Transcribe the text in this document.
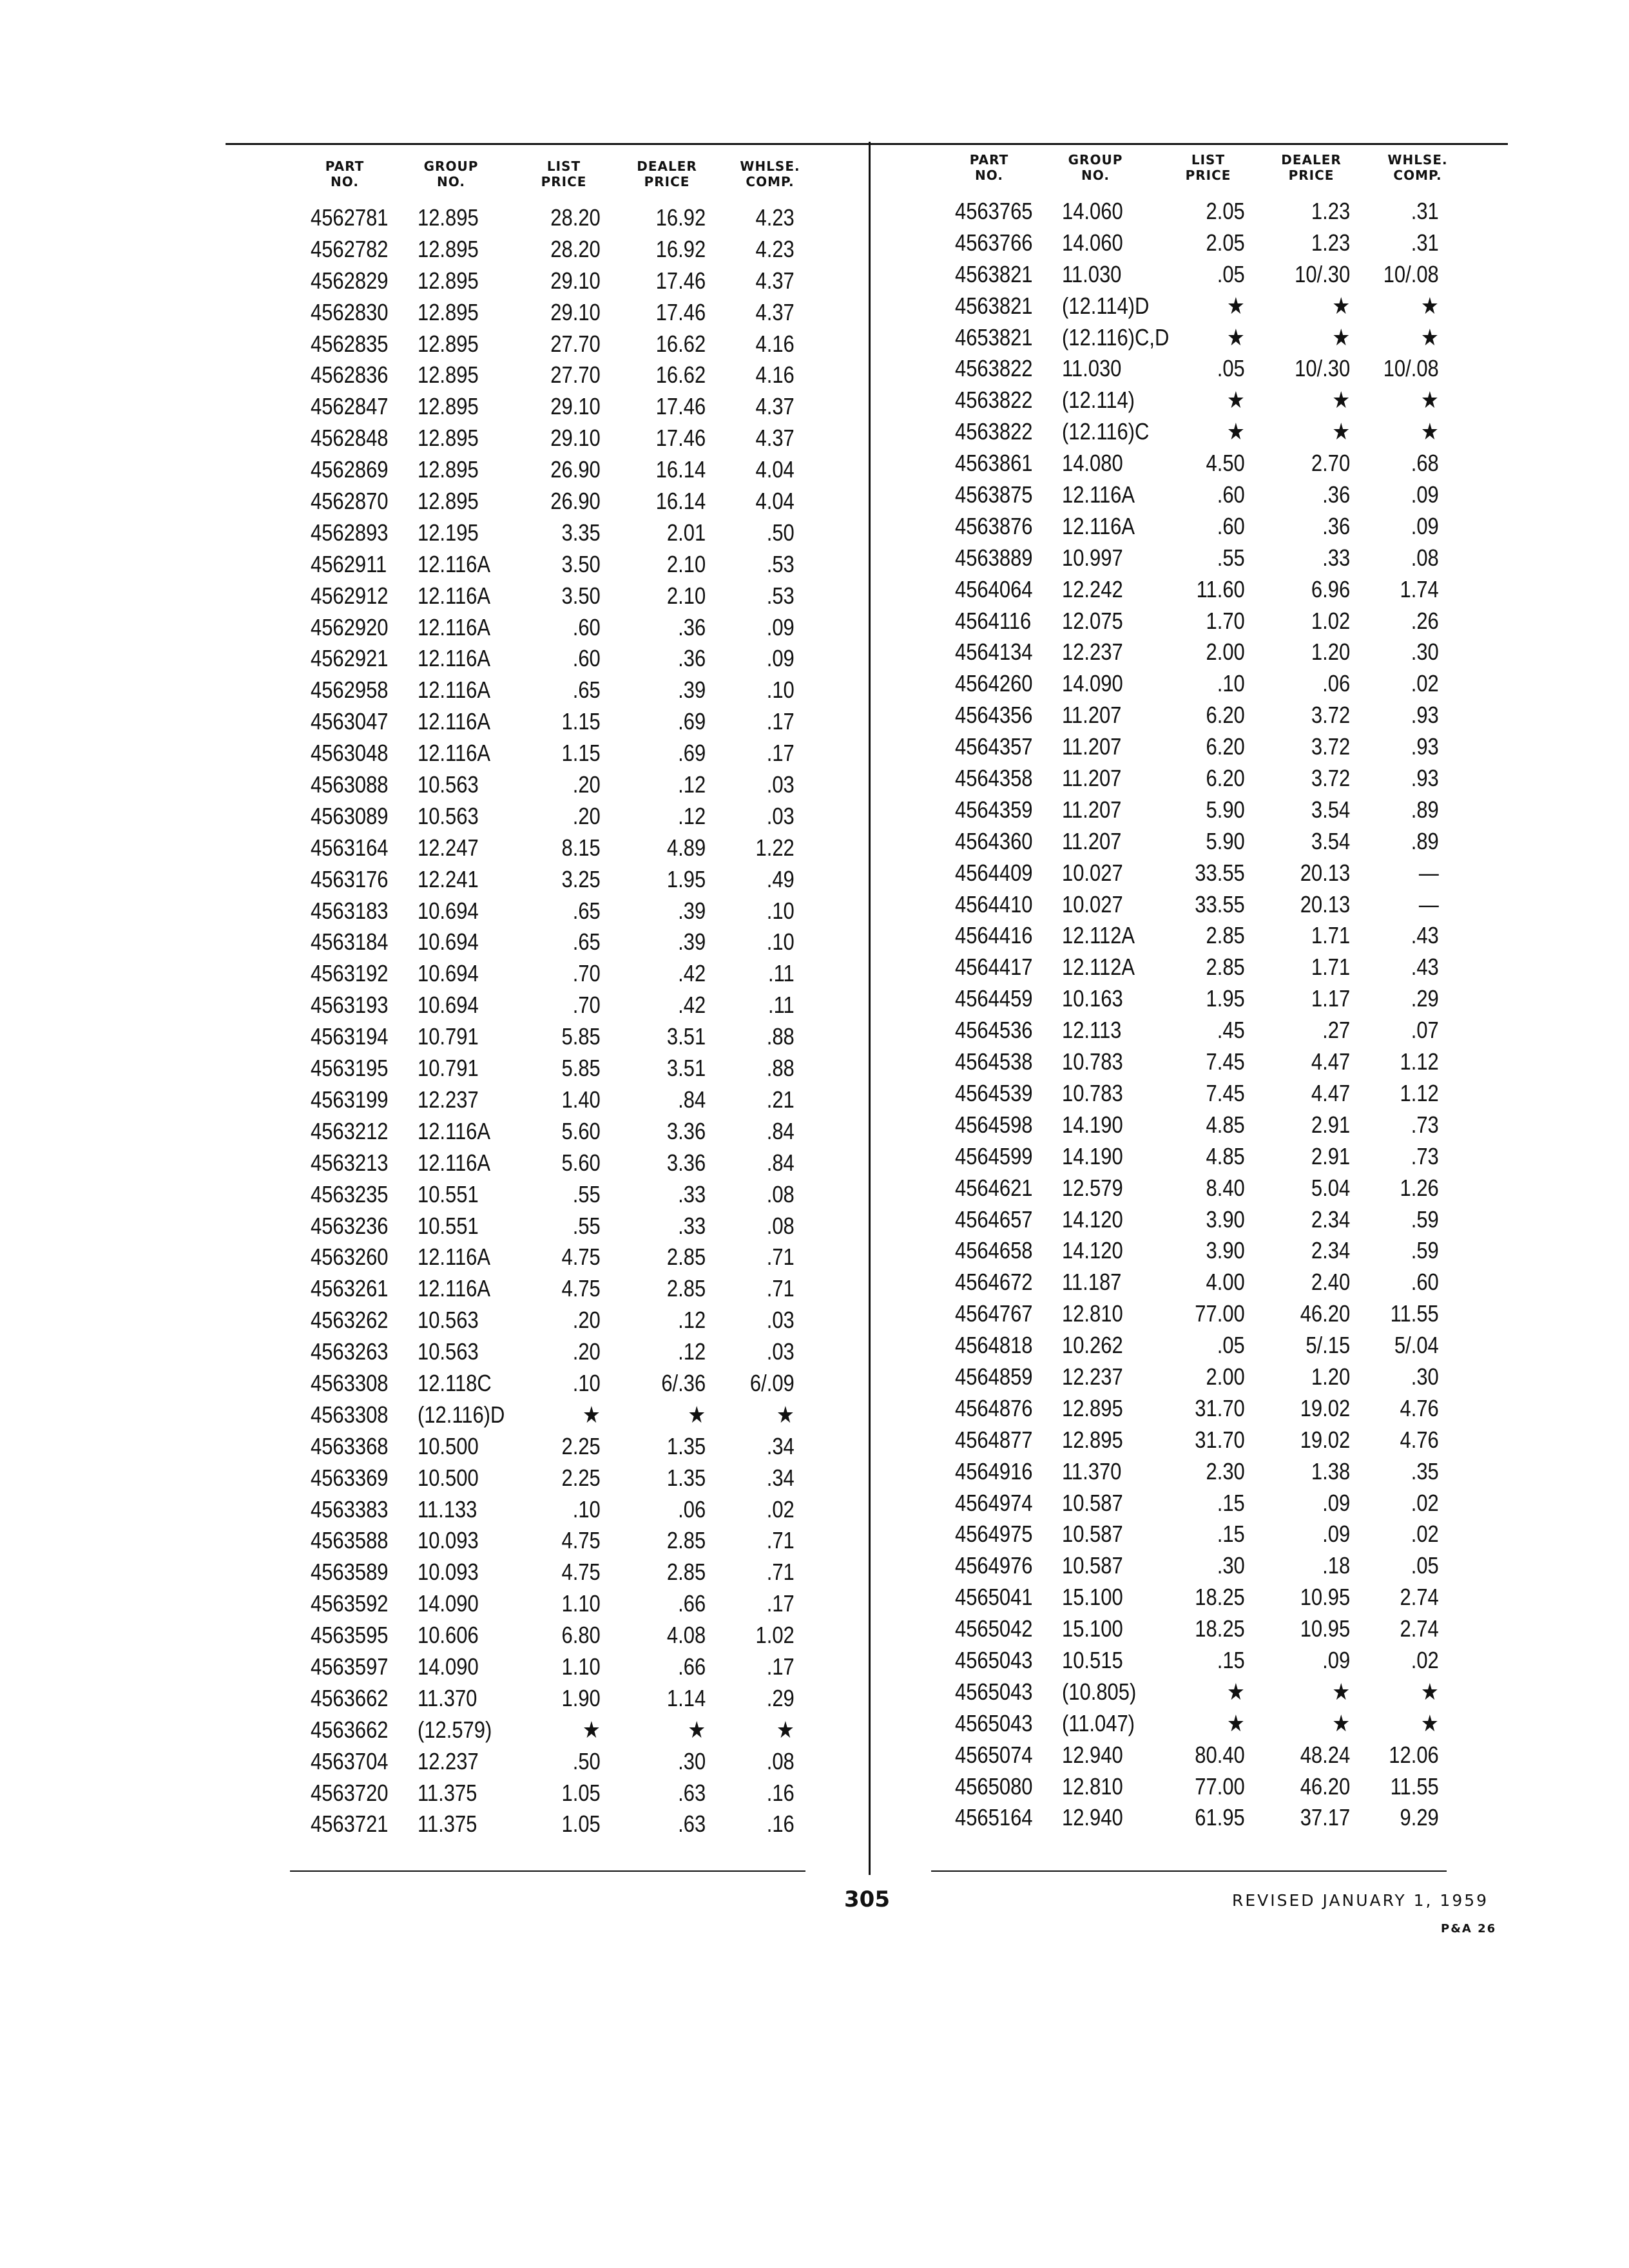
PART
NO.
GROUP
NO.
LIST
PRICE
DEALER
PRICE
WHLSE.
COMP.
PART
NO.
GROUP
NO.
LIST
PRICE
DEALER
PRICE
WHLSE.
COMP.
4562781	12.895	28.20	16.92	4.23
4562782	12.895	28.20	16.92	4.23
4562829	12.895	29.10	17.46	4.37
4562830	12.895	29.10	17.46	4.37
4562835	12.895	27.70	16.62	4.16
4562836	12.895	27.70	16.62	4.16
4562847	12.895	29.10	17.46	4.37
4562848	12.895	29.10	17.46	4.37
4562869	12.895	26.90	16.14	4.04
4562870	12.895	26.90	16.14	4.04
4562893	12.195	3.35	2.01	.50
4562911	12.116A	3.50	2.10	.53
4562912	12.116A	3.50	2.10	.53
4562920	12.116A	.60	.36	.09
4562921	12.116A	.60	.36	.09
4562958	12.116A	.65	.39	.10
4563047	12.116A	1.15	.69	.17
4563048	12.116A	1.15	.69	.17
4563088	10.563	.20	.12	.03
4563089	10.563	.20	.12	.03
4563164	12.247	8.15	4.89	1.22
4563176	12.241	3.25	1.95	.49
4563183	10.694	.65	.39	.10
4563184	10.694	.65	.39	.10
4563192	10.694	.70	.42	.11
4563193	10.694	.70	.42	.11
4563194	10.791	5.85	3.51	.88
4563195	10.791	5.85	3.51	.88
4563199	12.237	1.40	.84	.21
4563212	12.116A	5.60	3.36	.84
4563213	12.116A	5.60	3.36	.84
4563235	10.551	.55	.33	.08
4563236	10.551	.55	.33	.08
4563260	12.116A	4.75	2.85	.71
4563261	12.116A	4.75	2.85	.71
4563262	10.563	.20	.12	.03
4563263	10.563	.20	.12	.03
4563308	12.118C	.10	6/.36	6/.09
4563308	(12.116)D	★	★	★
4563368	10.500	2.25	1.35	.34
4563369	10.500	2.25	1.35	.34
4563383	11.133	.10	.06	.02
4563588	10.093	4.75	2.85	.71
4563589	10.093	4.75	2.85	.71
4563592	14.090	1.10	.66	.17
4563595	10.606	6.80	4.08	1.02
4563597	14.090	1.10	.66	.17
4563662	11.370	1.90	1.14	.29
4563662	(12.579)	★	★	★
4563704	12.237	.50	.30	.08
4563720	11.375	1.05	.63	.16
4563721	11.375	1.05	.63	.16
4563765	14.060	2.05	1.23	.31
4563766	14.060	2.05	1.23	.31
4563821	11.030	.05	10/.30	10/.08
4563821	(12.114)D	★	★	★
4653821	(12.116)C,D	★	★	★
4563822	11.030	.05	10/.30	10/.08
4563822	(12.114)	★	★	★
4563822	(12.116)C	★	★	★
4563861	14.080	4.50	2.70	.68
4563875	12.116A	.60	.36	.09
4563876	12.116A	.60	.36	.09
4563889	10.997	.55	.33	.08
4564064	12.242	11.60	6.96	1.74
4564116	12.075	1.70	1.02	.26
4564134	12.237	2.00	1.20	.30
4564260	14.090	.10	.06	.02
4564356	11.207	6.20	3.72	.93
4564357	11.207	6.20	3.72	.93
4564358	11.207	6.20	3.72	.93
4564359	11.207	5.90	3.54	.89
4564360	11.207	5.90	3.54	.89
4564409	10.027	33.55	20.13	—
4564410	10.027	33.55	20.13	—
4564416	12.112A	2.85	1.71	.43
4564417	12.112A	2.85	1.71	.43
4564459	10.163	1.95	1.17	.29
4564536	12.113	.45	.27	.07
4564538	10.783	7.45	4.47	1.12
4564539	10.783	7.45	4.47	1.12
4564598	14.190	4.85	2.91	.73
4564599	14.190	4.85	2.91	.73
4564621	12.579	8.40	5.04	1.26
4564657	14.120	3.90	2.34	.59
4564658	14.120	3.90	2.34	.59
4564672	11.187	4.00	2.40	.60
4564767	12.810	77.00	46.20	11.55
4564818	10.262	.05	5/.15	5/.04
4564859	12.237	2.00	1.20	.30
4564876	12.895	31.70	19.02	4.76
4564877	12.895	31.70	19.02	4.76
4564916	11.370	2.30	1.38	.35
4564974	10.587	.15	.09	.02
4564975	10.587	.15	.09	.02
4564976	10.587	.30	.18	.05
4565041	15.100	18.25	10.95	2.74
4565042	15.100	18.25	10.95	2.74
4565043	10.515	.15	.09	.02
4565043	(10.805)	★	★	★
4565043	(11.047)	★	★	★
4565074	12.940	80.40	48.24	12.06
4565080	12.810	77.00	46.20	11.55
4565164	12.940	61.95	37.17	9.29
305	REVISED JANUARY 1, 1959
P&A 26
